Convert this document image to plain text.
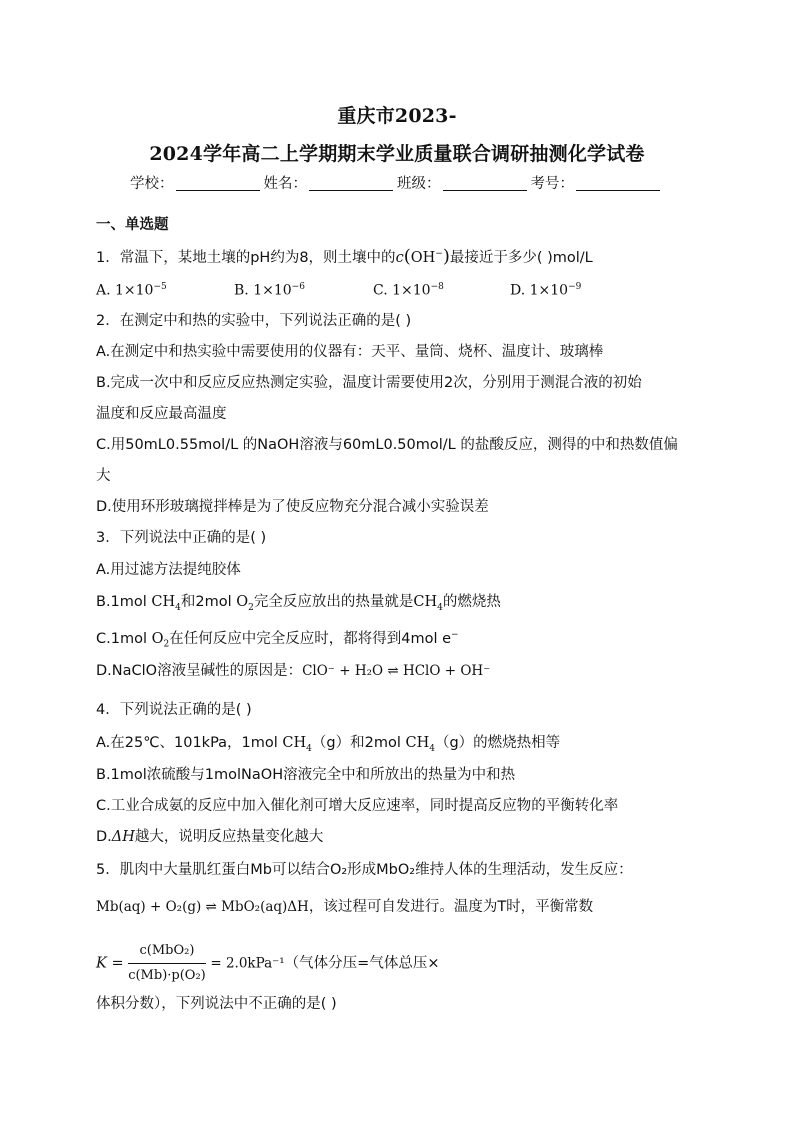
重庆市2023-
2024学年高二上学期期末学业质量联合调研抽测化学试卷
学校：	姓名：	班级：	考号：
一、单选题
1．常温下，某地土壤的pH约为8，则土壤中的c(OH−)最接近于多少( )mol/L
A. $1\times 10^{-5}$	B. $1\times 10^{-6}$	C. $1\times 10^{-8}$	D. $1\times 10^{-9}$
2．在测定中和热的实验中，下列说法正确的是( )
A.在测定中和热实验中需要使用的仪器有：天平、量筒、烧杯、温度计、玻璃棒
B.完成一次中和反应反应热测定实验，温度计需要使用2次，分别用于测混合液的初始
温度和反应最高温度
C.用50mL0.55mol/L 的NaOH溶液与60mL0.50mol/L 的盐酸反应，测得的中和热数值偏
大
D.使用环形玻璃搅拌棒是为了使反应物充分混合减小实验误差
3．下列说法中正确的是( )
A.用过滤方法提纯胶体
B.1mol $CH_4$和2mol $O_2$完全反应放出的热量就是$CH_4$的燃烧热
C.1mol $O_2$在任何反应中完全反应时，都将得到4mol e−
D.NaClO溶液呈碱性的原因是：ClO⁻ + H₂O ⇌ HClO + OH⁻
4．下列说法正确的是( )
A.在25℃、101kPa，1mol $CH_4(g)$和2mol $CH_4(g)$的燃烧热相等
B.1mol浓硫酸与1molNaOH溶液完全中和所放出的热量为中和热
C.工业合成氨的反应中加入催化剂可增大反应速率，同时提高反应物的平衡转化率
D.ΔH越大，说明反应热量变化越大
5．肌肉中大量肌红蛋白Mb可以结合O₂形成MbO₂维持人体的生理活动，发生反应：
Mb(aq) + O₂(g) ⇌ MbO₂(aq)ΔH，该过程可自发进行。温度为T时，平衡常数
$K = \frac{\text{c(MbO₂)}}{\text{c(Mb)·p(O₂)}} = 2.0kPa^{-1}$（气体分压=气体总压×
体积分数），下列说法中不正确的是( )
